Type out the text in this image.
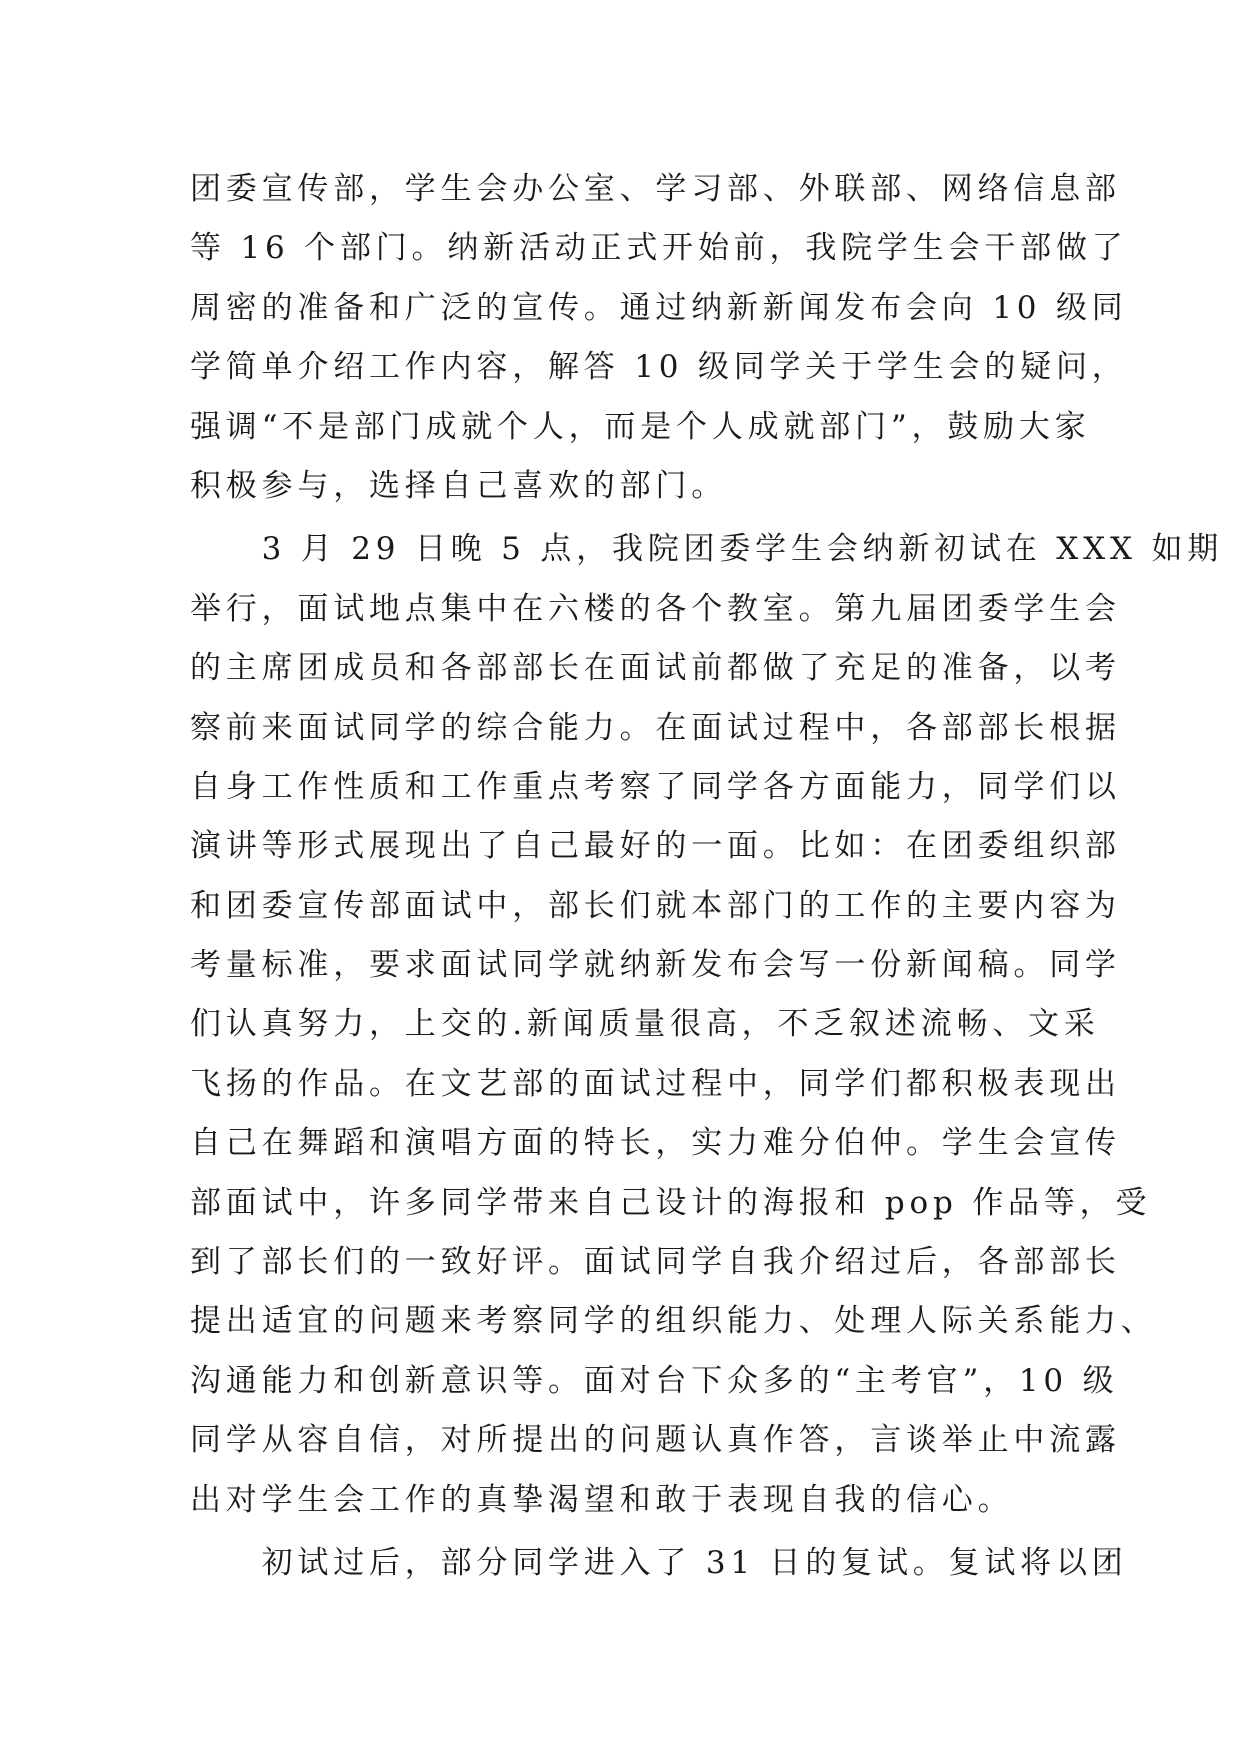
团委宣传部，学生会办公室、学习部、外联部、网络信息部
等 16 个部门。纳新活动正式开始前，我院学生会干部做了
周密的准备和广泛的宣传。通过纳新新闻发布会向 10 级同
学简单介绍工作内容，解答 10 级同学关于学生会的疑问，
强调“不是部门成就个人，而是个人成就部门”，鼓励大家
积极参与，选择自己喜欢的部门。
　　3 月 29 日晚 5 点，我院团委学生会纳新初试在 XXX 如期
举行，面试地点集中在六楼的各个教室。第九届团委学生会
的主席团成员和各部部长在面试前都做了充足的准备，以考
察前来面试同学的综合能力。在面试过程中，各部部长根据
自身工作性质和工作重点考察了同学各方面能力，同学们以
演讲等形式展现出了自己最好的一面。比如：在团委组织部
和团委宣传部面试中，部长们就本部门的工作的主要内容为
考量标准，要求面试同学就纳新发布会写一份新闻稿。同学
们认真努力，上交的.新闻质量很高，不乏叙述流畅、文采
飞扬的作品。在文艺部的面试过程中，同学们都积极表现出
自己在舞蹈和演唱方面的特长，实力难分伯仲。学生会宣传
部面试中，许多同学带来自己设计的海报和 pop 作品等，受
到了部长们的一致好评。面试同学自我介绍过后，各部部长
提出适宜的问题来考察同学的组织能力、处理人际关系能力、
沟通能力和创新意识等。面对台下众多的“主考官”，10 级
同学从容自信，对所提出的问题认真作答，言谈举止中流露
出对学生会工作的真挚渴望和敢于表现自我的信心。
　　初试过后，部分同学进入了 31 日的复试。复试将以团
